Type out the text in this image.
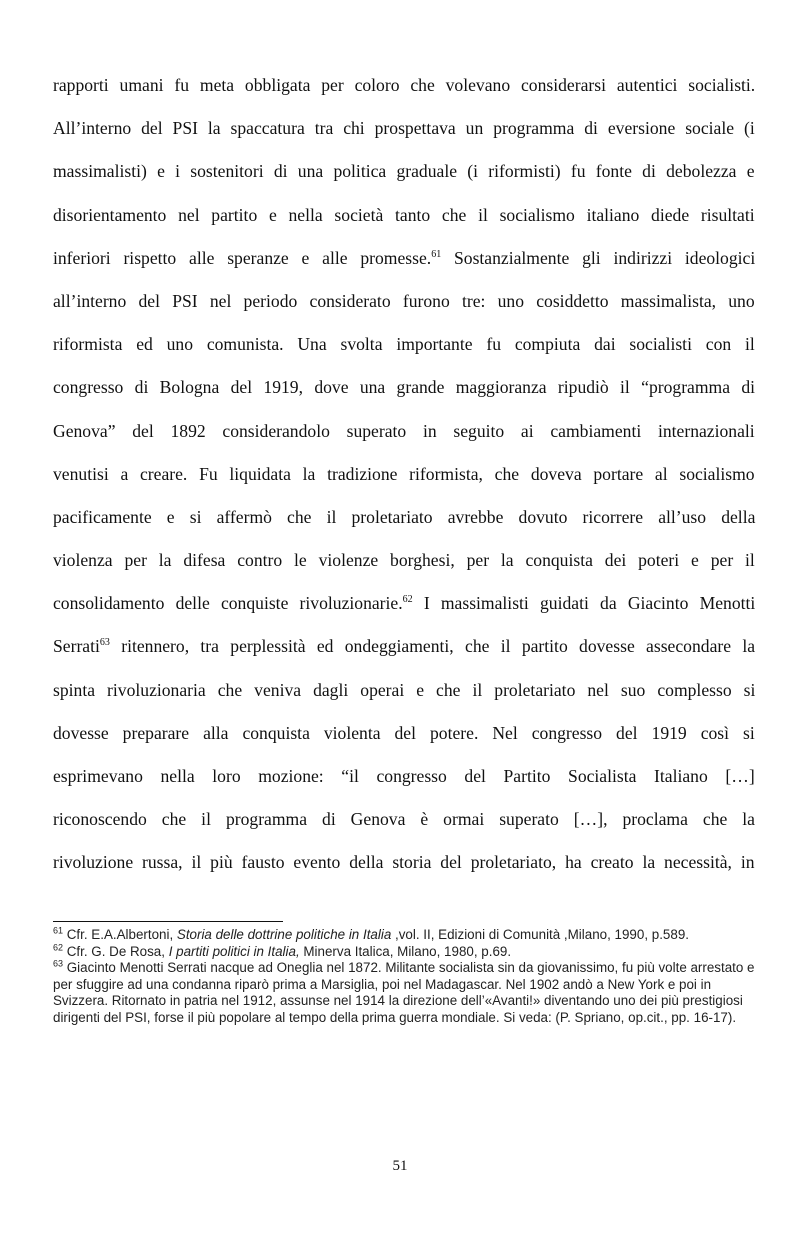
rapporti umani fu meta obbligata per coloro che volevano considerarsi autentici socialisti.
All’interno del PSI la spaccatura tra chi prospettava un programma di eversione sociale (i
massimalisti) e i sostenitori di una politica graduale (i riformisti) fu fonte di debolezza e
disorientamento nel partito e nella società tanto che il socialismo italiano diede risultati
inferiori rispetto alle speranze e alle promesse.$^{61}$ Sostanzialmente gli indirizzi ideologici
all’interno del PSI nel periodo considerato furono tre: uno cosiddetto massimalista, uno
riformista ed uno comunista. Una svolta importante fu compiuta dai socialisti con il
congresso di Bologna del 1919, dove una grande maggioranza ripudiò il “programma di
Genova” del 1892 considerandolo superato in seguito ai cambiamenti internazionali
venutisi a creare. Fu liquidata la tradizione riformista, che doveva portare al socialismo
pacificamente e si affermò che il proletariato avrebbe dovuto ricorrere all’uso della
violenza per la difesa contro le violenze borghesi, per la conquista dei poteri e per il
consolidamento delle conquiste rivoluzionarie.$^{62}$ I massimalisti guidati da Giacinto Menotti
Serrati$^{63}$ ritennero, tra perplessità ed ondeggiamenti, che il partito dovesse assecondare la
spinta rivoluzionaria che veniva dagli operai e che il proletariato nel suo complesso si
dovesse preparare alla conquista violenta del potere. Nel congresso del 1919 così si
esprimevano nella loro mozione: “il congresso del Partito Socialista Italiano […]
riconoscendo che il programma di Genova è ormai superato […], proclama che la
rivoluzione russa, il più fausto evento della storia del proletariato, ha creato la necessità, in

$^{61}$ Cfr. E.A.Albertoni, Storia delle dottrine politiche in Italia ,vol. II, Edizioni di Comunità ,Milano, 1990, p.589.

$^{62}$ Cfr. G. De Rosa, I partiti politici in Italia, Minerva Italica, Milano, 1980, p.69.

$^{63}$ Giacinto Menotti Serrati nacque ad Oneglia nel 1872. Militante socialista sin da giovanissimo, fu più volte arrestato e per sfuggire ad una condanna riparò prima a Marsiglia, poi nel Madagascar. Nel 1902 andò a New York e poi in Svizzera. Ritornato in patria nel 1912, assunse nel 1914 la direzione dell’«Avanti!» diventando uno dei più prestigiosi dirigenti del PSI, forse il più popolare al tempo della prima guerra mondiale. Si veda: (P. Spriano, op.cit., pp. 16-17).

51
